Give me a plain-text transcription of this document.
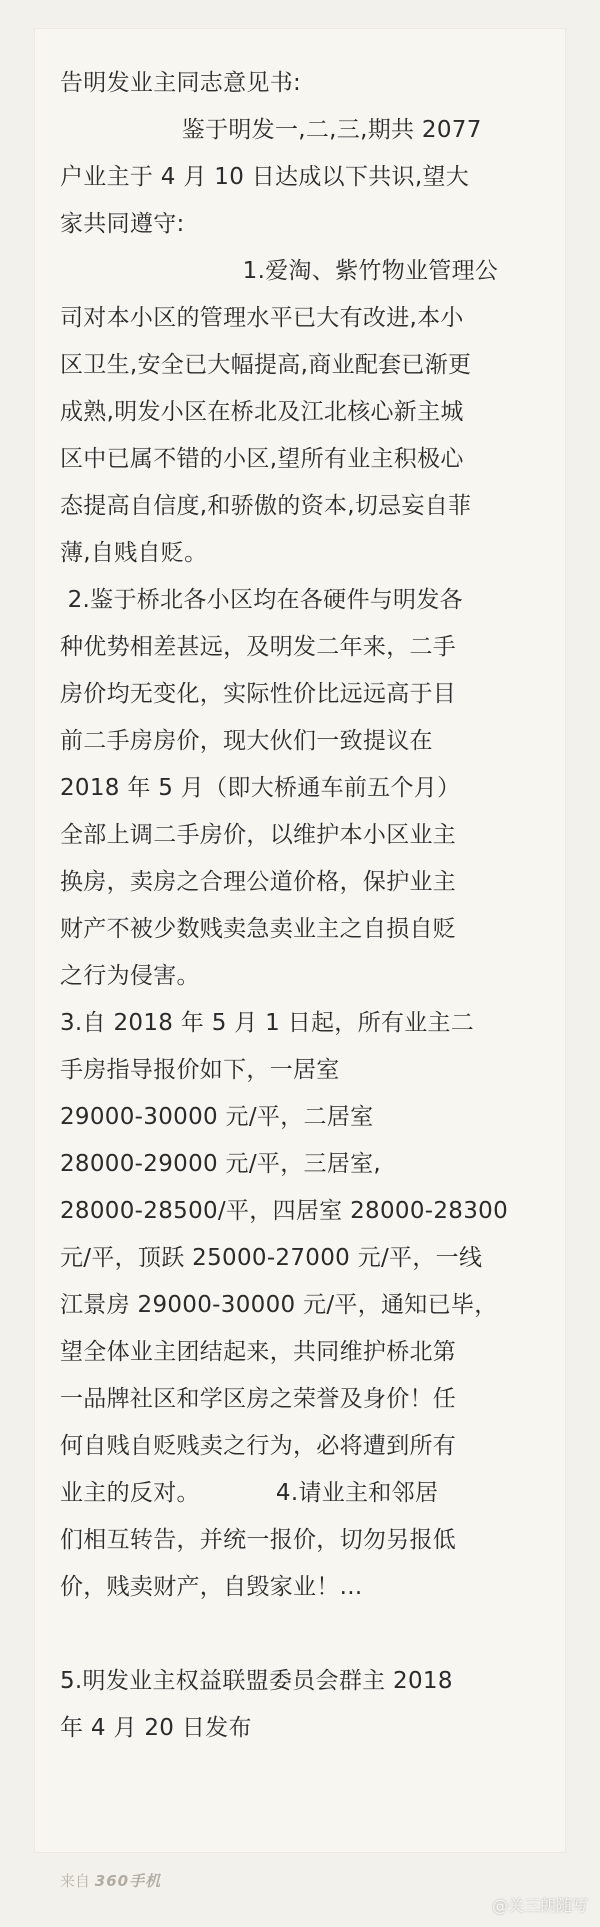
告明发业主同志意见书:
鉴于明发一,二,三,期共 2077
户业主于 4 月 10 日达成以下共识,望大
家共同遵守:
1.爱淘、紫竹物业管理公
司对本小区的管理水平已大有改进,本小
区卫生,安全已大幅提高,商业配套已渐更
成熟,明发小区在桥北及江北核心新主城
区中已属不错的小区,望所有业主积极心
态提高自信度,和骄傲的资本,切忌妄自菲
薄,自贱自贬。
2.鉴于桥北各小区均在各硬件与明发各
种优势相差甚远，及明发二年来，二手
房价均无变化，实际性价比远远高于目
前二手房房价，现大伙们一致提议在
2018 年 5 月（即大桥通车前五个月）
全部上调二手房价，以维护本小区业主
换房，卖房之合理公道价格，保护业主
财产不被少数贱卖急卖业主之自损自贬
之行为侵害。
3.自 2018 年 5 月 1 日起，所有业主二
手房指导报价如下，一居室
29000-30000 元/平，二居室
28000-29000 元/平，三居室,
28000-28500/平，四居室 28000-28300
元/平，顶跃 25000-27000 元/平，一线
江景房 29000-30000 元/平，通知已毕，
望全体业主团结起来，共同维护桥北第
一品牌社区和学区房之荣誉及身价！任
何自贱自贬贱卖之行为，必将遭到所有
业主的反对。          4.请业主和邻居
们相互转告，并统一报价，切勿另报低
价，贱卖财产，自毁家业！...
5.明发业主权益联盟委员会群主 2018
年 4 月 20 日发布
来自 360手机
@关三朗随写
